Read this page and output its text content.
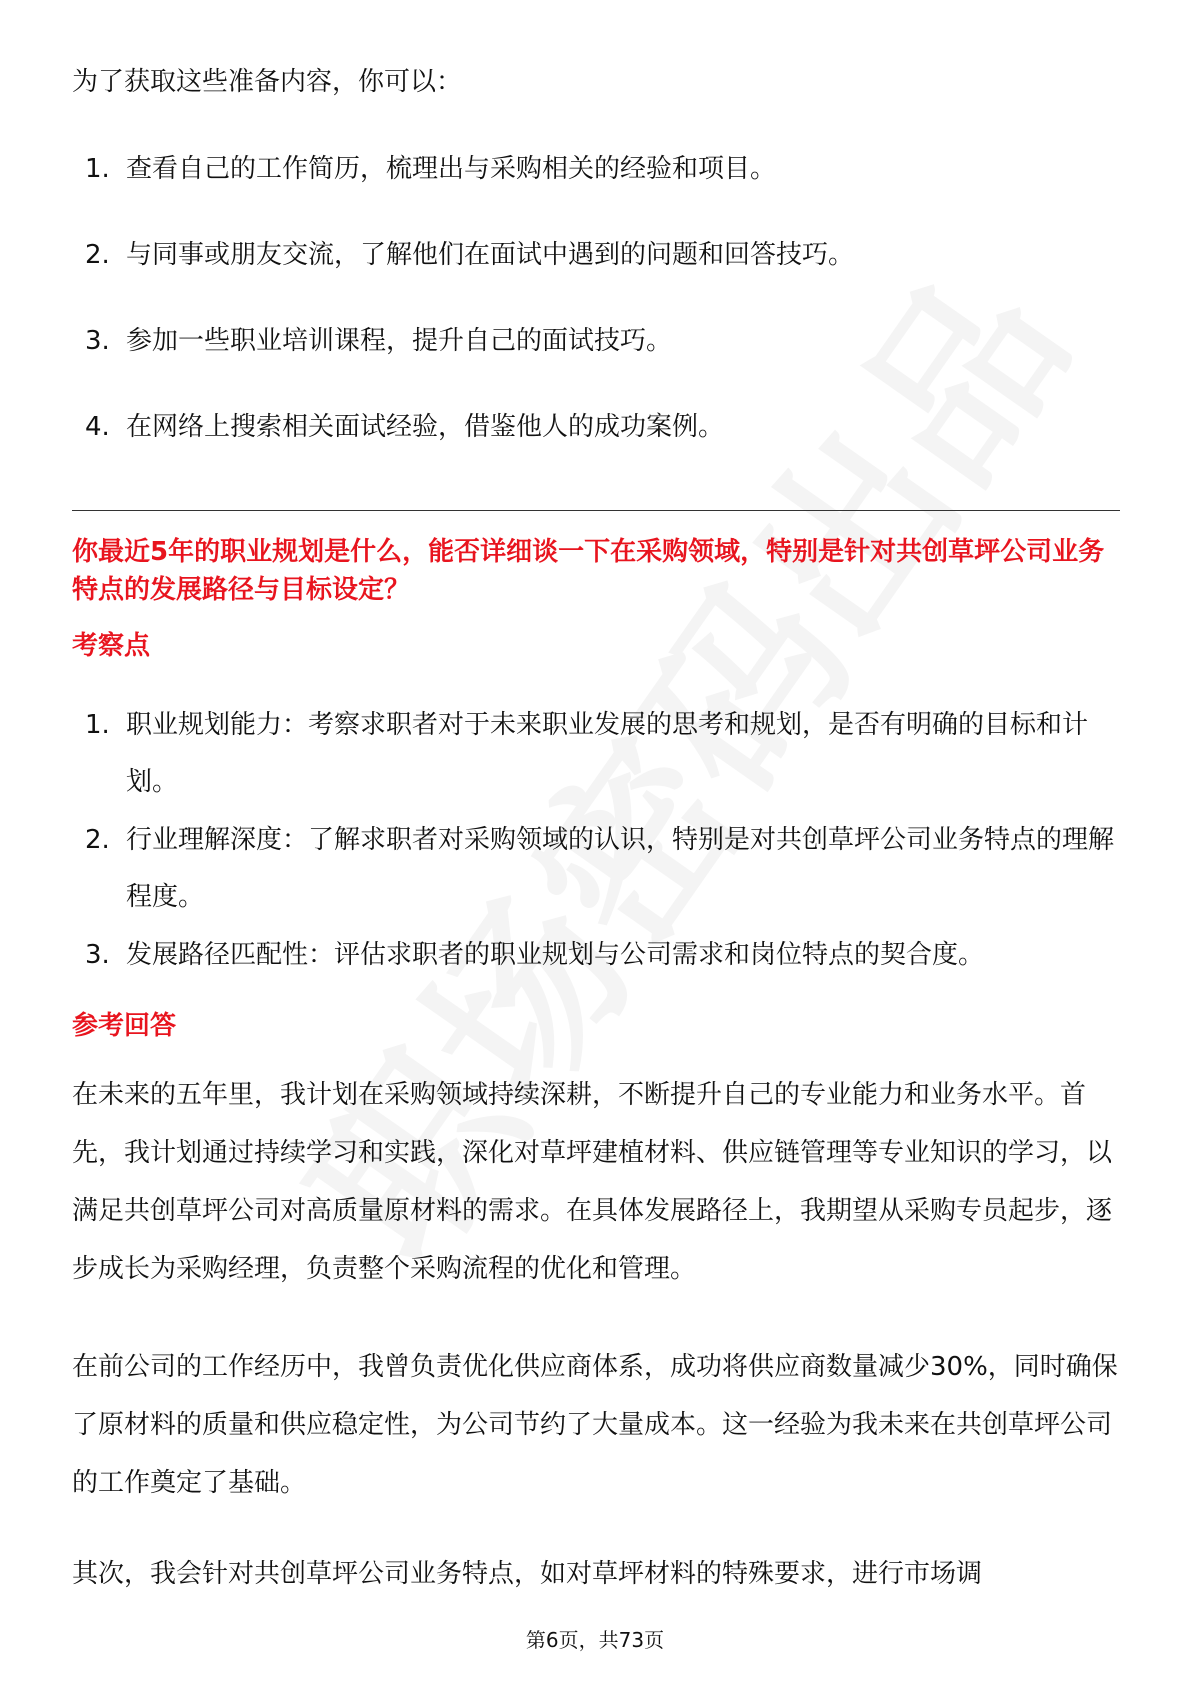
为了获取这些准备内容，你可以：

1. 查看自己的工作简历，梳理出与采购相关的经验和项目。
2. 与同事或朋友交流，了解他们在面试中遇到的问题和回答技巧。
3. 参加一些职业培训课程，提升自己的面试技巧。
4. 在网络上搜索相关面试经验，借鉴他人的成功案例。
你最近5年的职业规划是什么，能否详细谈一下在采购领域，特别是针对共创草坪公司业务特点的发展路径与目标设定？
考察点
1. 职业规划能力：考察求职者对于未来职业发展的思考和规划，是否有明确的目标和计划。
2. 行业理解深度：了解求职者对采购领域的认识，特别是对共创草坪公司业务特点的理解程度。
3. 发展路径匹配性：评估求职者的职业规划与公司需求和岗位特点的契合度。
参考回答

在未来的五年里，我计划在采购领域持续深耕，不断提升自己的专业能力和业务水平。首先，我计划通过持续学习和实践，深化对草坪建植材料、供应链管理等专业知识的学习，以满足共创草坪公司对高质量原材料的需求。在具体发展路径上，我期望从采购专员起步，逐步成长为采购经理，负责整个采购流程的优化和管理。

在前公司的工作经历中，我曾负责优化供应商体系，成功将供应商数量减少30%，同时确保了原材料的质量和供应稳定性，为公司节约了大量成本。这一经验为我未来在共创草坪公司的工作奠定了基础。

其次，我会针对共创草坪公司业务特点，如对草坪材料的特殊要求，进行市场调

第6页，共73页
